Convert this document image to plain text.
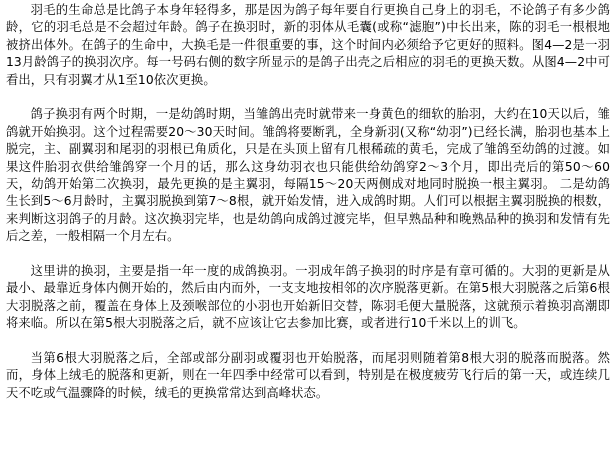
羽毛的生命总是比鸽子本身年轻得多，那是因为鸽子每年要自行更换自己身上的羽毛，不论鸽子有多少鸽龄，它的羽毛总是不会超过年龄。鸽子在换羽时，新的羽体从毛囊(或称“滤胞”)中长出来，陈的羽毛一根根地被挤出体外。在鸽子的生命中，大换毛是一件很重要的事，这个时间内必须给予它更好的照料。图4—2是一羽13月龄鸽子的换羽次序。每一号码右侧的数字所显示的是鸽子出壳之后相应的羽毛的更换天数。从图4—2中可看出，只有羽翼才从1至10依次更换。

鸽子换羽有两个时期，一是幼鸽时期，当雏鸽出壳时就带来一身黄色的细软的胎羽，大约在10天以后，雏鸽就开始换羽。这个过程需要20～30天时间。雏鸽将要断乳，全身新羽(又称“幼羽”)已经长满，胎羽也基本上脱完，主、副翼羽和尾羽的羽根已角质化，只是在头顶上留有几根稀疏的黄毛，完成了雏鸽至幼鸽的过渡。如果这件胎羽衣供给雏鸽穿一个月的话，那么这身幼羽衣也只能供给幼鸽穿2～3个月，即出壳后的第50～60天，幼鸽开始第二次换羽，最先更换的是主翼羽，每隔15～20天两侧成对地同时脱换一根主翼羽。 二是幼鸽生长到5～6月龄时，主翼羽脱换到第7～8根，就开始发情，进入成鸽时期。人们可以根据主翼羽脱换的根数，来判断这羽鸽子的月龄。这次换羽完毕，也是幼鸽向成鸽过渡完毕，但早熟品种和晚熟品种的换羽和发情有先后之差，一般相隔一个月左右。

这里讲的换羽，主要是指一年一度的成鸽换羽。一羽成年鸽子换羽的时序是有章可循的。大羽的更新是从最小、最靠近身体内侧开始的，然后由内而外，一支支地按相邻的次序脱落更新。在第5根大羽脱落之后第6根大羽脱落之前，覆盖在身体上及颈喉部位的小羽也开始新旧交替，陈羽毛便大量脱落，这就预示着换羽高潮即将来临。所以在第5根大羽脱落之后，就不应该让它去参加比赛，或者进行10千米以上的训飞。

当第6根大羽脱落之后，全部或部分副羽或覆羽也开始脱落，而尾羽则随着第8根大羽的脱落而脱落。然而，身体上绒毛的脱落和更新，则在一年四季中经常可以看到，特别是在极度疲劳飞行后的第一天，或连续几天不吃或气温骤降的时候，绒毛的更换常常达到高峰状态。
